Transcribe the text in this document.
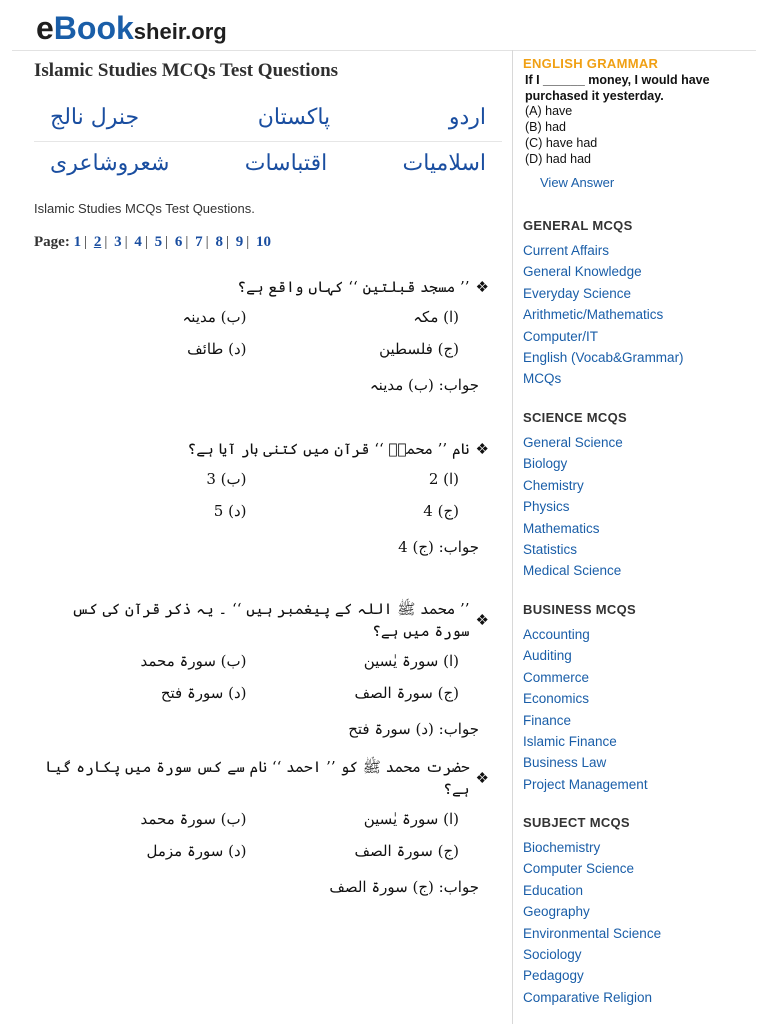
eBooksheir.org
Islamic Studies MCQs Test Questions
اردو
پاکستان
جنرل نالج
اسلامیات
اقتباسات
شعروشاعری
Islamic Studies MCQs Test Questions.
Page: 1 | 2 | 3 | 4 | 5 | 6 | 7 | 8 | 9 | 10
❖
’’ مسجد قبلتین ‘‘ کہاں واقع ہے؟
(ا) مکہ
(ب) مدینہ
(ج) فلسطین
(د) طائف
جواب: (ب) مدینہ
❖
نام ’’ محمدؐ ‘‘ قرآن میں کتنی بار آیا ہے؟
(ا) 2
(ب) 3
(ج) 4
(د) 5
جواب: (ج) 4
❖
’’ محمد ﷺ اللہ کے پیغمبر ہیں ‘‘ ۔ یہ ذکر قرآن کی کس سورۃ میں ہے؟
(ا) سورۃ یٰسین
(ب) سورۃ محمد
(ج) سورۃ الصف
(د) سورۃ فتح
جواب: (د) سورۃ فتح
❖
حضرت محمد ﷺ کو ’’ احمد ‘‘ نام سے کس سورۃ میں پکارہ گیا ہے؟
(ا) سورۃ یٰسین
(ب) سورۃ محمد
(ج) سورۃ الصف
(د) سورۃ مزمل
جواب: (ج) سورۃ الصف
ENGLISH GRAMMAR
If I ______ money, I would have
purchased it yesterday.
(A) have
(B) had
(C) have had
(D) had had
View Answer
GENERAL MCQS
Current Affairs
General Knowledge
Everyday Science
Arithmetic/Mathematics
Computer/IT
English (Vocab&Grammar)
MCQs
SCIENCE MCQS
General Science
Biology
Chemistry
Physics
Mathematics
Statistics
Medical Science
BUSINESS MCQS
Accounting
Auditing
Commerce
Economics
Finance
Islamic Finance
Business Law
Project Management
SUBJECT MCQS
Biochemistry
Computer Science
Education
Geography
Environmental Science
Sociology
Pedagogy
Comparative Religion
